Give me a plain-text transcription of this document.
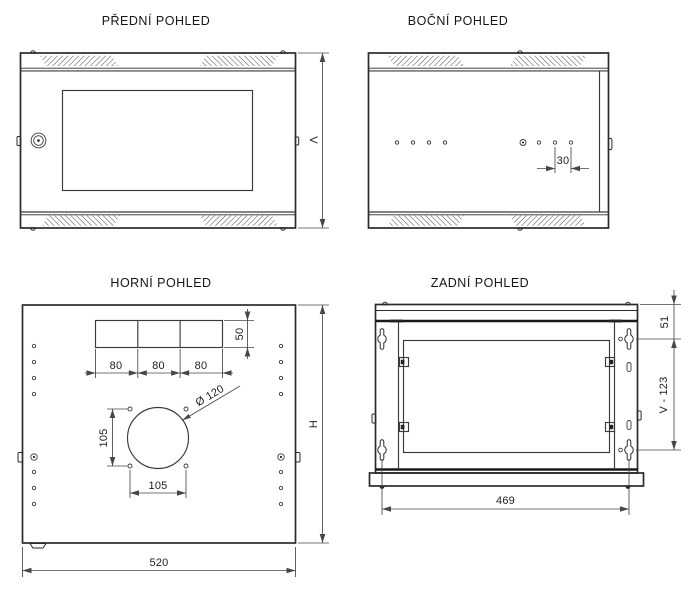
PŘEDNÍ POHLED	BOČNÍ POHLED
HORNÍ POHLED	ZADNÍ POHLED
V
30
80	80	80
50
105
105
Ø 120
H
520
51
V - 123
469
